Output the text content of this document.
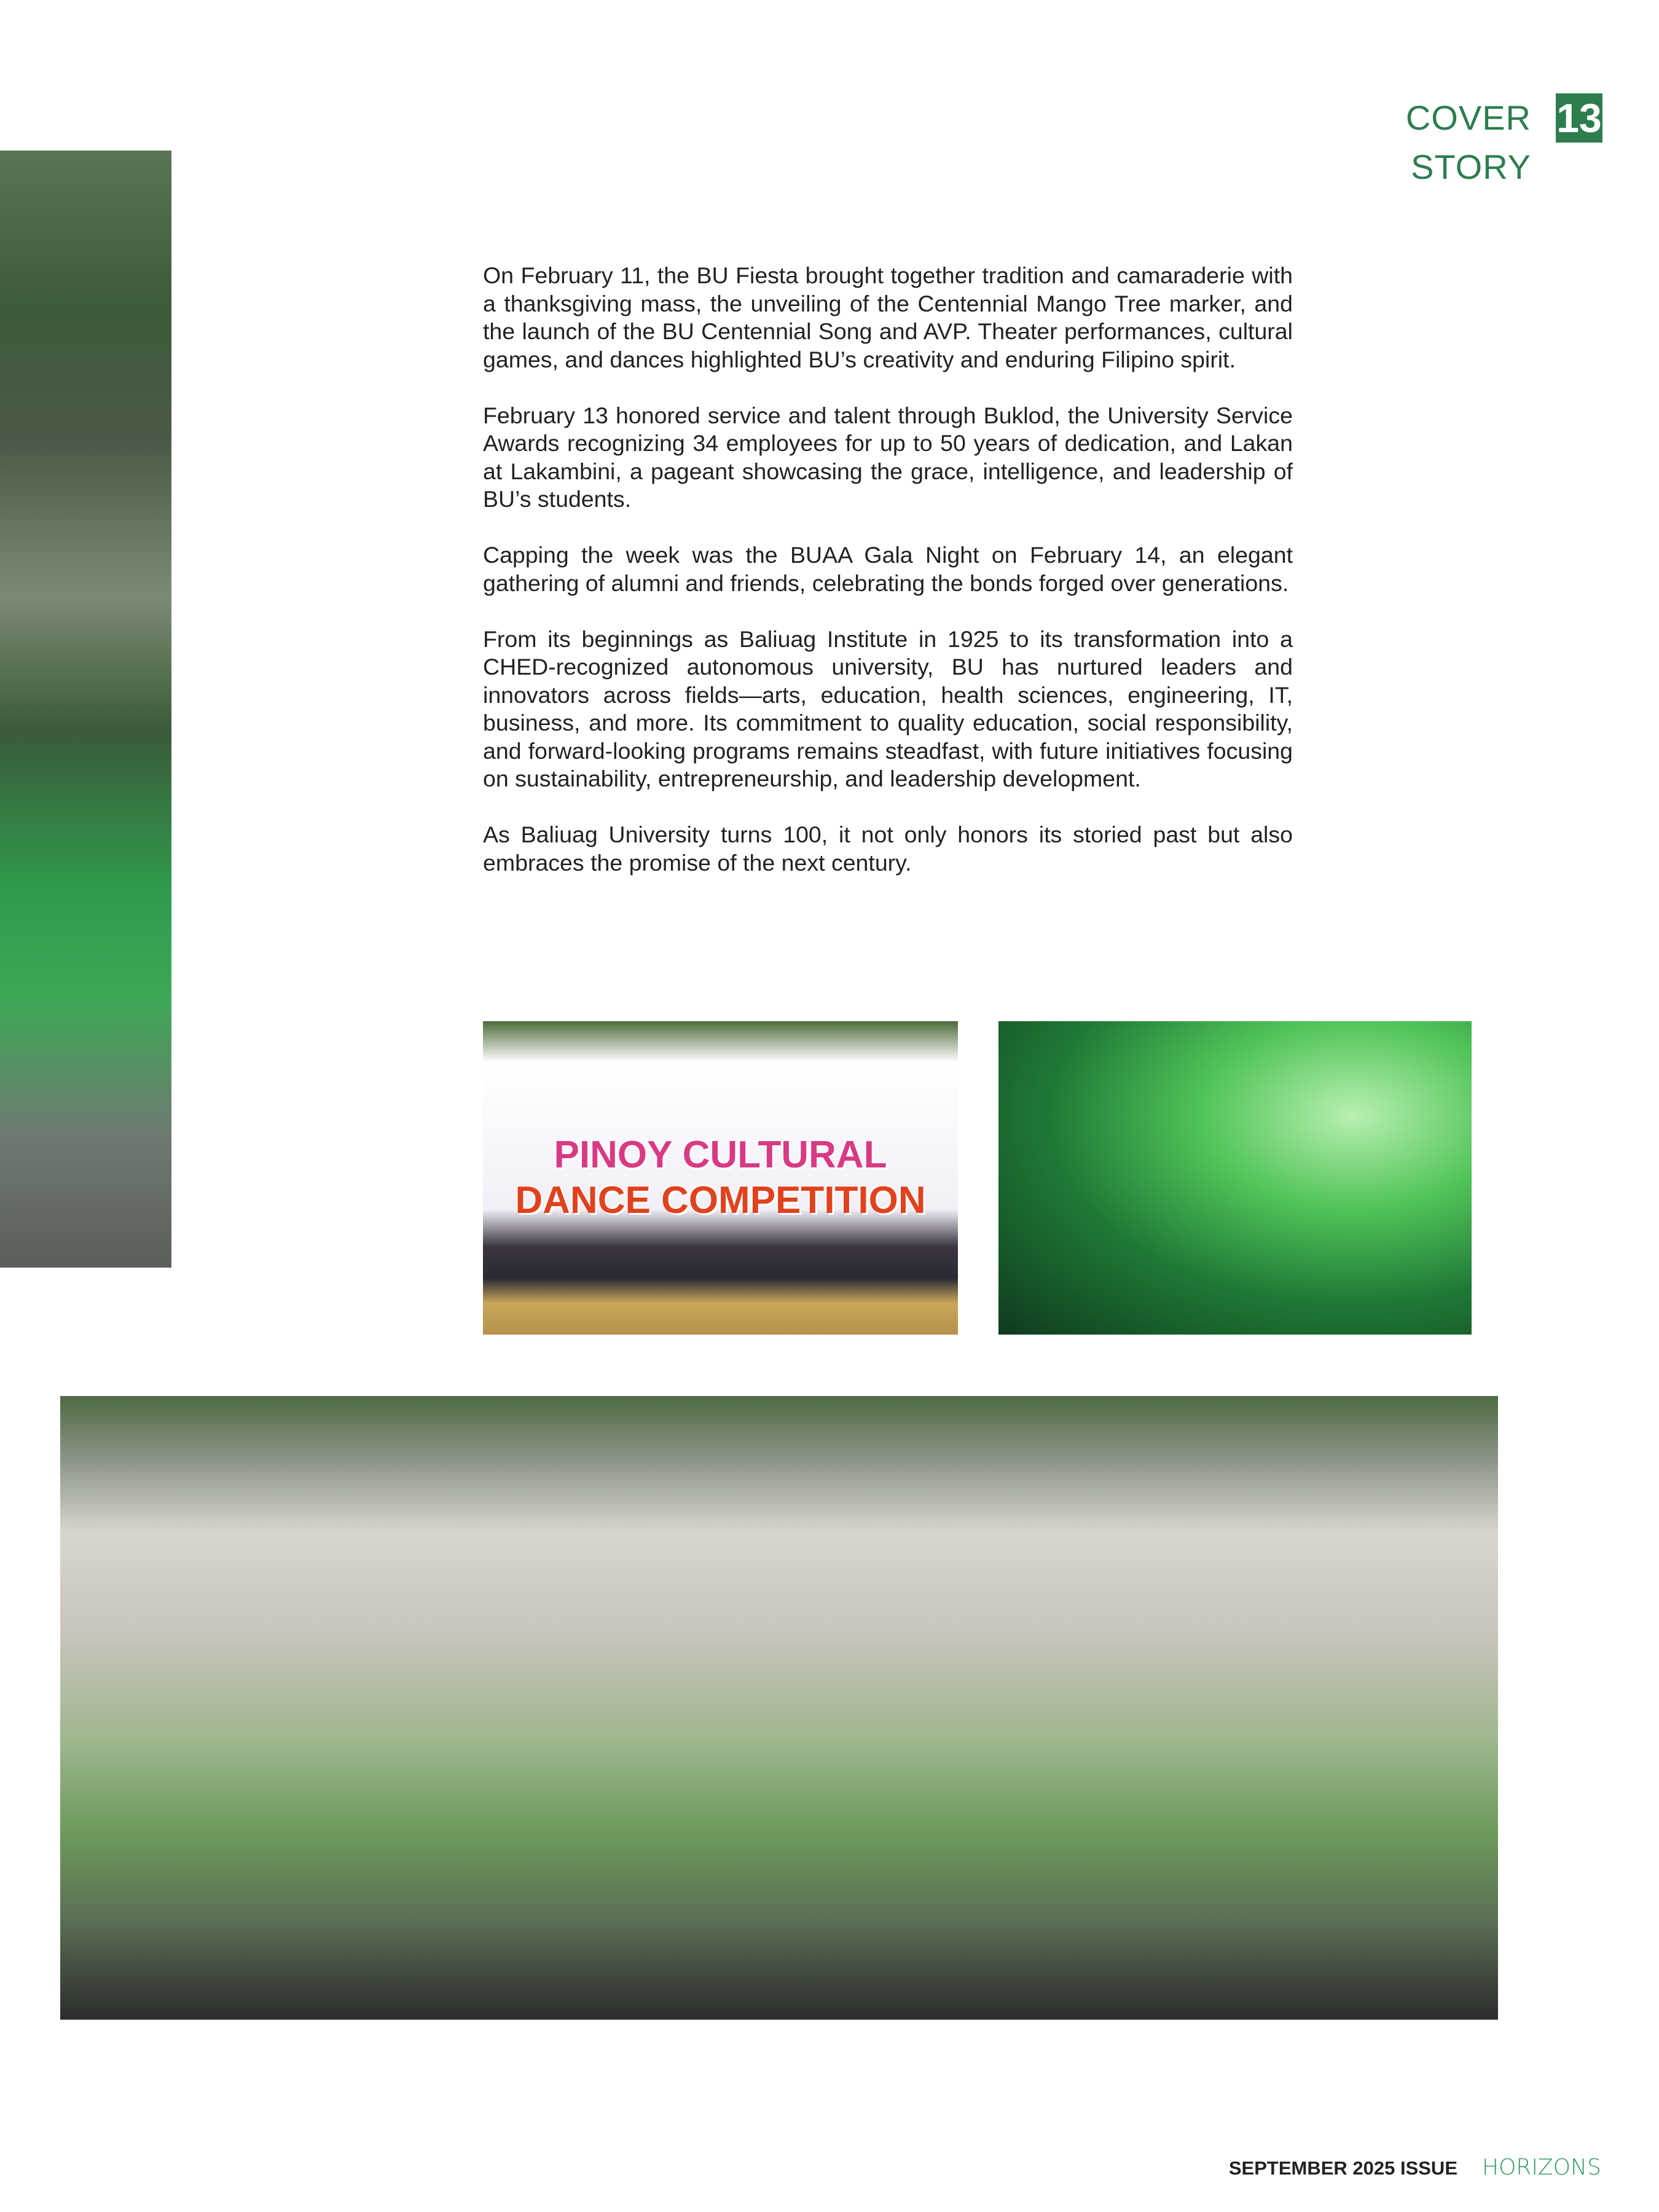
COVER STORY
13

On February 11, the BU Fiesta brought together tradition and camaraderie with a thanksgiving mass, the unveiling of the Centennial Mango Tree marker, and the launch of the BU Centennial Song and AVP. Theater performances, cultural games, and dances highlighted BU’s creativity and enduring Filipino spirit.

February 13 honored service and talent through Buklod, the University Service Awards recognizing 34 employees for up to 50 years of dedication, and Lakan at Lakambini, a pageant showcasing the grace, intelligence, and leadership of BU’s students.

Capping the week was the BUAA Gala Night on February 14, an elegant gathering of alumni and friends, celebrating the bonds forged over generations.

From its beginnings as Baliuag Institute in 1925 to its transformation into a CHED-recognized autonomous university, BU has nurtured leaders and innovators across fields—arts, education, health sciences, engineering, IT, business, and more. Its commitment to quality education, social responsibility, and forward-looking programs remains steadfast, with future initiatives focusing on sustainability, entrepreneurship, and leadership development.

As Baliuag University turns 100, it not only honors its storied past but also embraces the promise of the next century.

PINOY CULTURAL
DANCE COMPETITION
SEPTEMBER 2025 ISSUE HORIZONS
